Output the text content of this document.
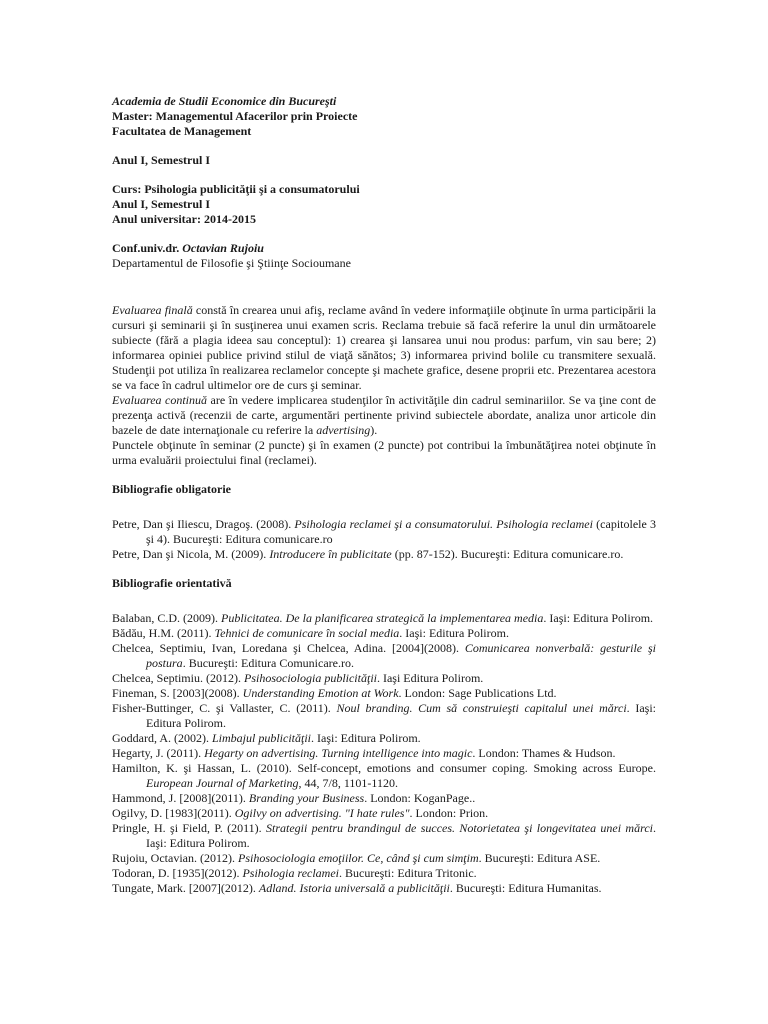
Academia de Studii Economice din Bucureşti

Master: Managementul Afacerilor prin Proiecte

Facultatea de Management

Anul I, Semestrul I

Curs: Psihologia publicităţii şi a consumatorului

Anul I, Semestrul I

Anul universitar: 2014-2015

Conf.univ.dr. Octavian Rujoiu

Departamentul de Filosofie şi Ştiinţe Socioumane

Evaluarea finală constă în crearea unui afiş, reclame având în vedere informaţiile obţinute în urma participării la cursuri şi seminarii şi în susţinerea unui examen scris. Reclama trebuie să facă referire la unul din următoarele subiecte (fără a plagia ideea sau conceptul): 1) crearea şi lansarea unui nou produs: parfum, vin sau bere; 2) informarea opiniei publice privind stilul de viaţă sănătos; 3) informarea privind bolile cu transmitere sexuală. Studenţii pot utiliza în realizarea reclamelor concepte şi machete grafice, desene proprii etc. Prezentarea acestora se va face în cadrul ultimelor ore de curs şi seminar.

Evaluarea continuă are în vedere implicarea studenţilor în activităţile din cadrul seminariilor. Se va ţine cont de prezenţa activă (recenzii de carte, argumentări pertinente privind subiectele abordate, analiza unor articole din bazele de date internaţionale cu referire la advertising).

Punctele obţinute în seminar (2 puncte) şi în examen (2 puncte) pot contribui la îmbunătăţirea notei obţinute în urma evaluării proiectului final (reclamei).

Bibliografie obligatorie

Petre, Dan şi Iliescu, Dragoş. (2008). Psihologia reclamei şi a consumatorului. Psihologia reclamei (capitolele 3 şi 4). Bucureşti: Editura comunicare.ro

Petre, Dan şi Nicola, M. (2009). Introducere în publicitate (pp. 87-152). Bucureşti: Editura comunicare.ro.

Bibliografie orientativă

Balaban, C.D. (2009). Publicitatea. De la planificarea strategică la implementarea media. Iaşi: Editura Polirom.

Bădău, H.M. (2011). Tehnici de comunicare în social media. Iaşi: Editura Polirom.

Chelcea, Septimiu, Ivan, Loredana şi Chelcea, Adina. [2004](2008). Comunicarea nonverbală: gesturile şi postura. Bucureşti: Editura Comunicare.ro.

Chelcea, Septimiu. (2012). Psihosociologia publicităţii. Iaşi Editura Polirom.

Fineman, S. [2003](2008). Understanding Emotion at Work. London: Sage Publications Ltd.

Fisher-Buttinger, C. şi Vallaster, C. (2011). Noul branding. Cum să construieşti capitalul unei mărci. Iaşi: Editura Polirom.

Goddard, A. (2002). Limbajul publicităţii. Iaşi: Editura Polirom.

Hegarty, J. (2011). Hegarty on advertising. Turning intelligence into magic. London: Thames & Hudson.

Hamilton, K. şi Hassan, L. (2010). Self-concept, emotions and consumer coping. Smoking across Europe. European Journal of Marketing, 44, 7/8, 1101-1120.

Hammond, J. [2008](2011). Branding your Business. London: KoganPage..

Ogilvy, D. [1983](2011). Ogilvy on advertising. "I hate rules". London: Prion.

Pringle, H. şi Field, P. (2011). Strategii pentru brandingul de succes. Notorietatea şi longevitatea unei mărci. Iaşi: Editura Polirom.

Rujoiu, Octavian. (2012). Psihosociologia emoţiilor. Ce, când şi cum simţim. Bucureşti: Editura ASE.

Todoran, D. [1935](2012). Psihologia reclamei. Bucureşti: Editura Tritonic.

Tungate, Mark. [2007](2012). Adland. Istoria universală a publicităţii. Bucureşti: Editura Humanitas.
